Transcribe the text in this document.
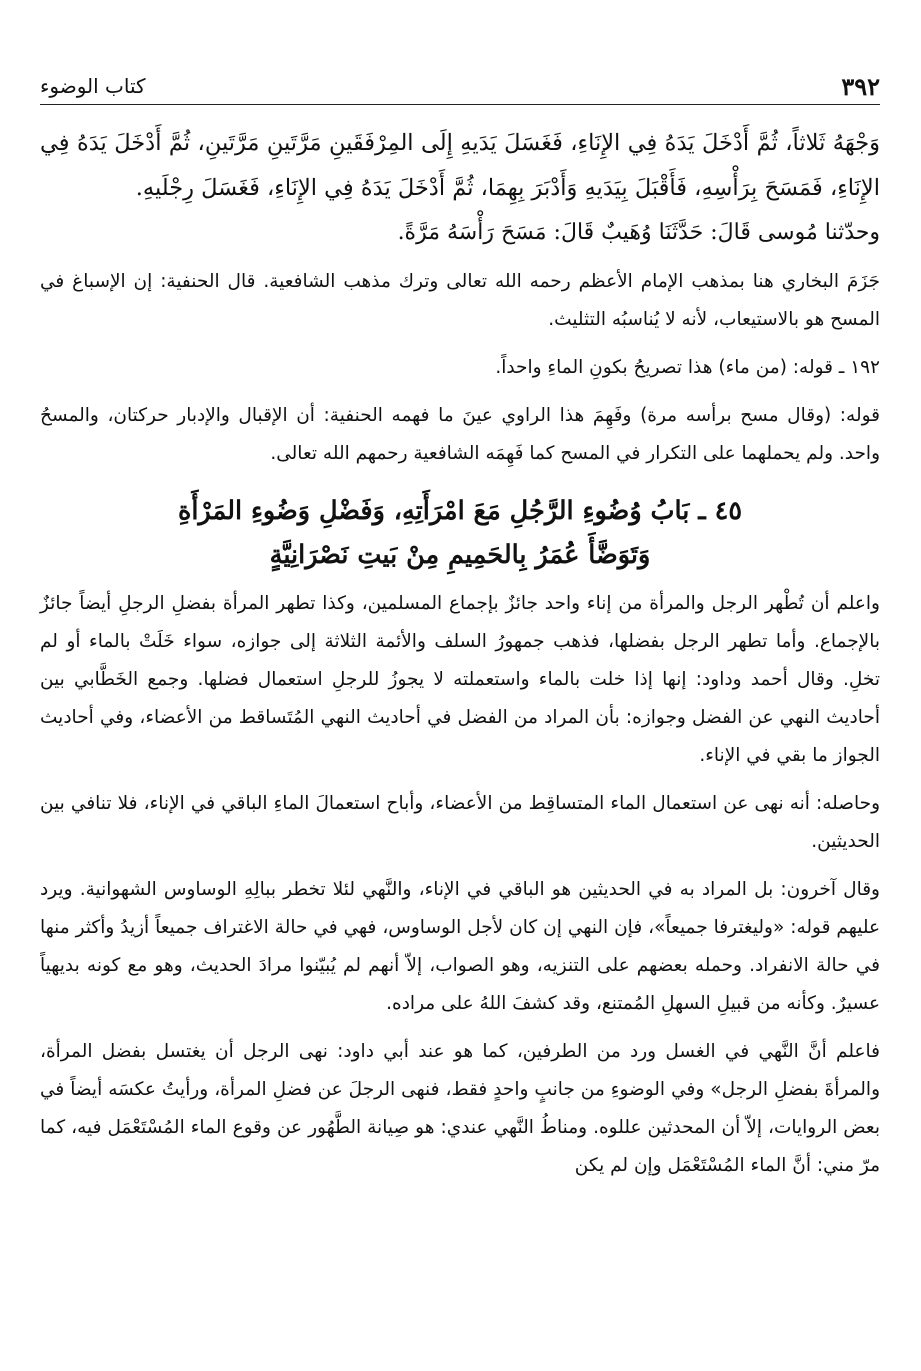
٣٩٢
كتاب الوضوء
وَجْهَهُ ثَلاثاً، ثُمَّ أَدْخَلَ يَدَهُ فِي الإِنَاءِ، فَغَسَلَ يَدَيهِ إِلَى المِرْفَقَينِ مَرَّتَينِ مَرَّتَينِ، ثُمَّ أَدْخَلَ يَدَهُ فِي الإِنَاءِ، فَمَسَحَ بِرَأْسِهِ، فَأَقْبَلَ بِيَدَيهِ وَأَدْبَرَ بِهِمَا، ثُمَّ أَدْخَلَ يَدَهُ فِي الإِنَاءِ، فَغَسَلَ رِجْلَيهِ.
وحدّثنا مُوسى قَالَ: حَدَّثَنَا وُهَيبٌ قَالَ: مَسَحَ رَأْسَهُ مَرَّةً.

جَزَمَ البخاري هنا بمذهب الإمام الأعظم رحمه الله تعالى وترك مذهب الشافعية. قال الحنفية: إن الإسباغ في المسح هو بالاستيعاب، لأنه لا يُناسبُه التثليث.

١٩٢ ـ قوله: (من ماء) هذا تصريحُ بكونِ الماءِ واحداً.

قوله: (وقال مسح برأسه مرة) وفَهِمَ هذا الراوي عينَ ما فهمه الحنفية: أن الإقبال والإدبار حركتان، والمسحُ واحد. ولم يحملهما على التكرار في المسح كما فَهِمَه الشافعية رحمهم الله تعالى.

٤٥ ـ بَابُ وُضُوءِ الرَّجُلِ مَعَ امْرَأَتِهِ، وَفَضْلِ وَضُوءِ المَرْأَةِ
وَتَوَضَّأَ عُمَرُ بِالحَمِيمِ مِنْ بَيتِ نَصْرَانِيَّةٍ

واعلم أن تُطْهر الرجل والمرأة من إناء واحد جائزٌ بإجماع المسلمين، وكذا تطهر المرأة بفضلِ الرجلِ أيضاً جائزٌ بالإجماع. وأما تطهر الرجل بفضلها، فذهب جمهورُ السلف والأئمة الثلاثة إلى جوازه، سواء خَلَتْ بالماء أو لم تخلِ. وقال أحمد وداود: إنها إذا خلت بالماء واستعملته لا يجوزُ للرجلِ استعمال فضلها. وجمع الخَطَّابي بين أحاديث النهي عن الفضل وجوازه: بأن المراد من الفضل في أحاديث النهي المُتَساقط من الأعضاء، وفي أحاديث الجواز ما بقي في الإناء.

وحاصله: أنه نهى عن استعمال الماء المتساقِط من الأعضاء، وأباح استعمالَ الماءِ الباقي في الإناء، فلا تنافي بين الحديثين.

وقال آخرون: بل المراد به في الحديثين هو الباقي في الإناء، والنَّهي لئلا تخطر ببالِهِ الوساوس الشهوانية. ويرد عليهم قوله: «وليغترفا جميعاً»، فإن النهي إن كان لأجل الوساوس، فهي في حالة الاغتراف جميعاً أزيدُ وأكثر منها في حالة الانفراد. وحمله بعضهم على التنزيه، وهو الصواب، إلاّ أنهم لم يُبيّنوا مرادَ الحديث، وهو مع كونه بديهياً عسيرٌ. وكأنه من قبيلِ السهلِ المُمتنع، وقد كشفَ اللهُ على مراده.

فاعلم أنَّ النَّهي في الغسل ورد من الطرفين، كما هو عند أبي داود: نهى الرجل أن يغتسل بفضل المرأة، والمرأةَ بفضلِ الرجل» وفي الوضوءِ من جانبٍ واحدٍ فقط، فنهى الرجلَ عن فضلِ المرأة، ورأيتُ عكسَه أيضاً في بعض الروايات، إلاّ أن المحدثين عللوه. ومناطُ النَّهي عندي: هو صِيانة الطَّهُور عن وقوع الماء المُسْتَعْمَل فيه، كما مرّ مني: أنَّ الماء المُسْتَعْمَل وإن لم يكن
